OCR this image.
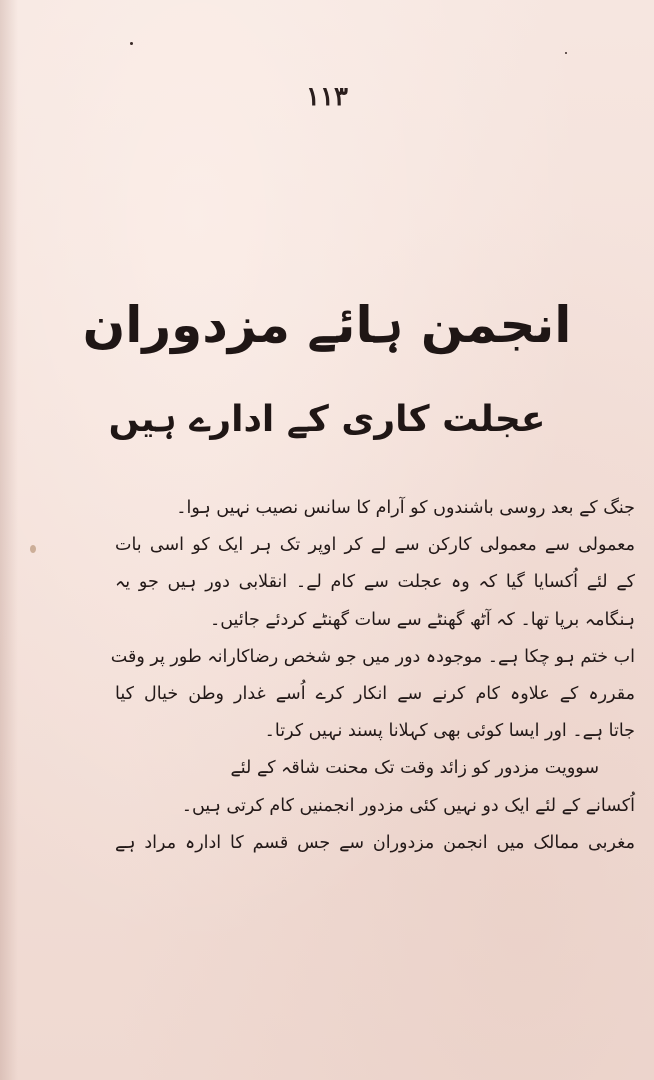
۱۱۳
انجمن ہائے مزدوران
عجلت کاری کے ادارے ہیں
جنگ کے بعد روسی باشندوں کو آرام کا سانس نصیب نہیں ہوا۔
معمولی سے معمولی کارکن سے لے کر اوپر تک ہر ایک کو اسی بات
کے لئے اُکسایا گیا کہ وہ عجلت سے کام لے۔ انقلابی دور ہیں جو یہ
ہنگامہ برپا تھا۔ کہ آٹھ گھنٹے سے سات گھنٹے کردئے جائیں۔
اب ختم ہو چکا ہے۔ موجودہ دور میں جو شخص رضاکارانہ طور پر وقت
مقررہ کے علاوہ کام کرنے سے انکار کرے اُسے غدار وطن خیال کیا
جاتا ہے۔ اور ایسا کوئی بھی کہلانا پسند نہیں کرتا۔
سوویت مزدور کو زائد وقت تک محنت شاقہ کے لئے
اُکسانے کے لئے ایک دو نہیں کئی مزدور انجمنیں کام کرتی ہیں۔
مغربی ممالک میں انجمن مزدوران سے جس قسم کا ادارہ مراد ہے
